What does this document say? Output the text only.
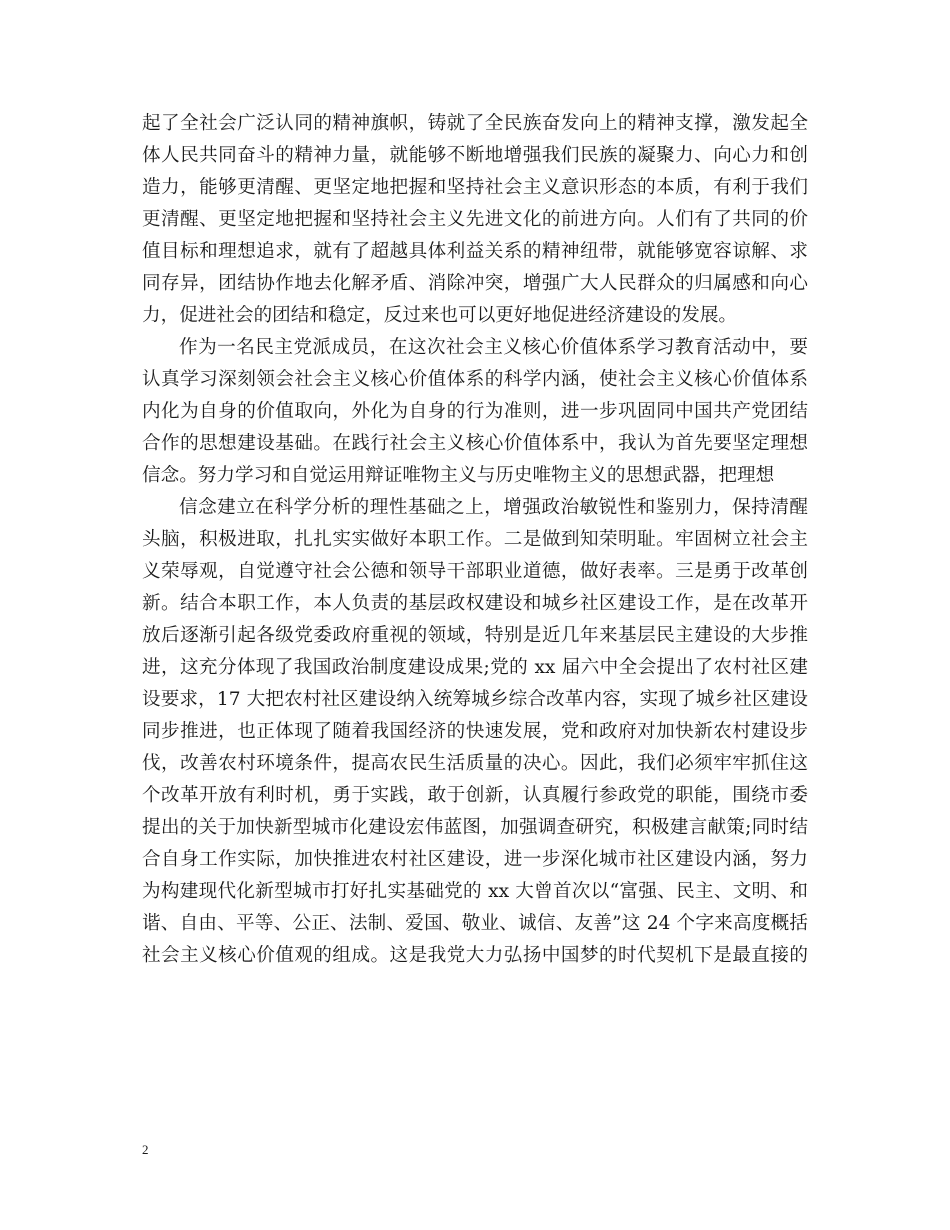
起了全社会广泛认同的精神旗帜，铸就了全民族奋发向上的精神支撑，激发起全
体人民共同奋斗的精神力量，就能够不断地增强我们民族的凝聚力、向心力和创
造力，能够更清醒、更坚定地把握和坚持社会主义意识形态的本质，有利于我们
更清醒、更坚定地把握和坚持社会主义先进文化的前进方向。人们有了共同的价
值目标和理想追求，就有了超越具体利益关系的精神纽带，就能够宽容谅解、求
同存异，团结协作地去化解矛盾、消除冲突，增强广大人民群众的归属感和向心
力，促进社会的团结和稳定，反过来也可以更好地促进经济建设的发展。
作为一名民主党派成员，在这次社会主义核心价值体系学习教育活动中，要
认真学习深刻领会社会主义核心价值体系的科学内涵，使社会主义核心价值体系
内化为自身的价值取向，外化为自身的行为准则，进一步巩固同中国共产党团结
合作的思想建设基础。在践行社会主义核心价值体系中，我认为首先要坚定理想
信念。努力学习和自觉运用辩证唯物主义与历史唯物主义的思想武器，把理想
信念建立在科学分析的理性基础之上，增强政治敏锐性和鉴别力，保持清醒
头脑，积极进取，扎扎实实做好本职工作。二是做到知荣明耻。牢固树立社会主
义荣辱观，自觉遵守社会公德和领导干部职业道德，做好表率。三是勇于改革创
新。结合本职工作，本人负责的基层政权建设和城乡社区建设工作，是在改革开
放后逐渐引起各级党委政府重视的领域，特别是近几年来基层民主建设的大步推
进，这充分体现了我国政治制度建设成果;党的 xx 届六中全会提出了农村社区建
设要求，17 大把农村社区建设纳入统筹城乡综合改革内容，实现了城乡社区建设
同步推进，也正体现了随着我国经济的快速发展，党和政府对加快新农村建设步
伐，改善农村环境条件，提高农民生活质量的决心。因此，我们必须牢牢抓住这
个改革开放有利时机，勇于实践，敢于创新，认真履行参政党的职能，围绕市委
提出的关于加快新型城市化建设宏伟蓝图，加强调查研究，积极建言献策;同时结
合自身工作实际，加快推进农村社区建设，进一步深化城市社区建设内涵，努力
为构建现代化新型城市打好扎实基础党的 xx 大曾首次以“富强、民主、文明、和
谐、自由、平等、公正、法制、爱国、敬业、诚信、友善”这 24 个字来高度概括
社会主义核心价值观的组成。这是我党大力弘扬中国梦的时代契机下是最直接的
2
